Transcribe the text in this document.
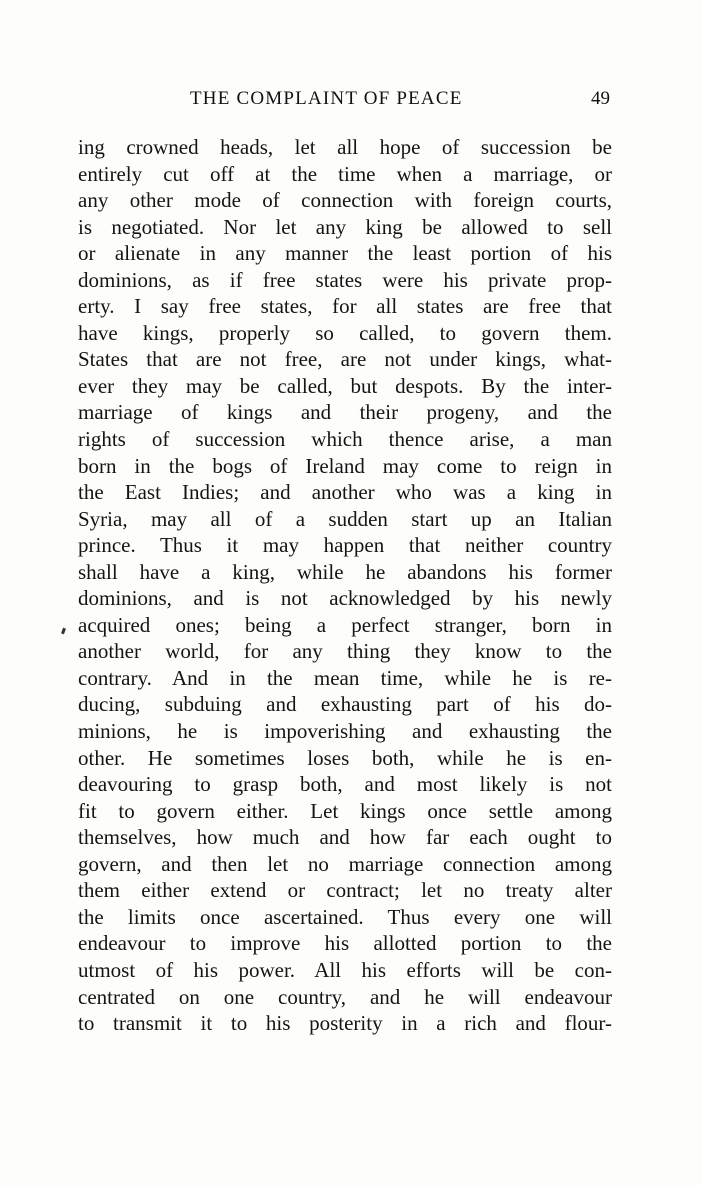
THE COMPLAINT OF PEACE	49
ing crowned heads, let all hope of succession be
entirely cut off at the time when a marriage, or
any other mode of connection with foreign courts,
is negotiated. Nor let any king be allowed to sell
or alienate in any manner the least portion of his
dominions, as if free states were his private prop-
erty. I say free states, for all states are free that
have kings, properly so called, to govern them.
States that are not free, are not under kings, what-
ever they may be called, but despots. By the inter-
marriage of kings and their progeny, and the
rights of succession which thence arise, a man
born in the bogs of Ireland may come to reign in
the East Indies; and another who was a king in
Syria, may all of a sudden start up an Italian
prince. Thus it may happen that neither country
shall have a king, while he abandons his former
dominions, and is not acknowledged by his newly
acquired ones; being a perfect stranger, born in
another world, for any thing they know to the
contrary. And in the mean time, while he is re-
ducing, subduing and exhausting part of his do-
minions, he is impoverishing and exhausting the
other. He sometimes loses both, while he is en-
deavouring to grasp both, and most likely is not
fit to govern either. Let kings once settle among
themselves, how much and how far each ought to
govern, and then let no marriage connection among
them either extend or contract; let no treaty alter
the limits once ascertained. Thus every one will
endeavour to improve his allotted portion to the
utmost of his power. All his efforts will be con-
centrated on one country, and he will endeavour
to transmit it to his posterity in a rich and flour-
